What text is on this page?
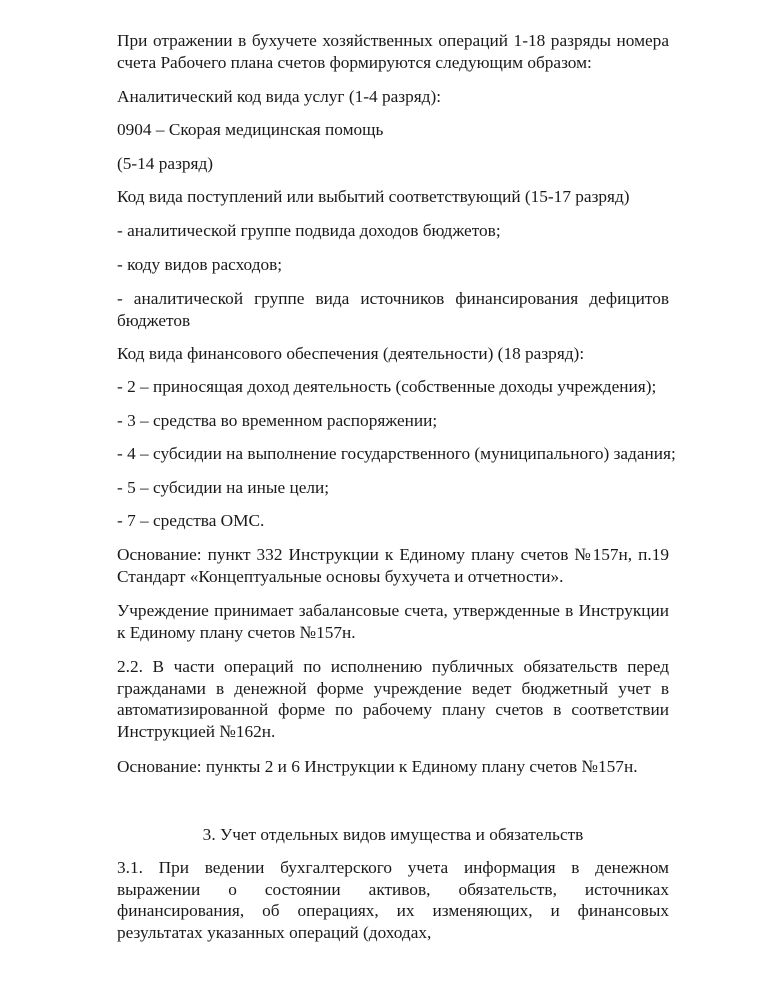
При отражении в бухучете хозяйственных операций 1-18 разряды номера счета Рабочего плана счетов формируются следующим образом:

Аналитический код вида услуг (1-4 разряд):

0904 – Скорая медицинская помощь

(5-14 разряд)

Код вида поступлений или выбытий соответствующий (15-17 разряд)

- аналитической группе подвида доходов бюджетов;

- коду видов расходов;

- аналитической группе вида источников финансирования дефицитов бюджетов

Код вида финансового обеспечения (деятельности) (18 разряд):

- 2 – приносящая доход деятельность (собственные доходы учреждения);

- 3 – средства во временном распоряжении;

- 4 – субсидии на выполнение государственного (муниципального) задания;

- 5 – субсидии на иные цели;

- 7 – средства ОМС.

Основание: пункт 332 Инструкции к Единому плану счетов №157н, п.19 Стандарт «Концептуальные основы бухучета и отчетности».

Учреждение принимает забалансовые счета, утвержденные в Инструкции к Единому плану счетов №157н.

2.2. В части операций по исполнению публичных обязательств перед гражданами в денежной форме учреждение ведет бюджетный учет в автоматизированной форме по рабочему плану счетов в соответствии Инструкцией №162н.

Основание: пункты 2 и 6 Инструкции к Единому плану счетов №157н.

3. Учет отдельных видов имущества и обязательств

3.1. При ведении бухгалтерского учета информация в денежном выражении о состоянии активов, обязательств, источниках финансирования, об операциях, их изменяющих, и финансовых результатах указанных операций (доходах,
